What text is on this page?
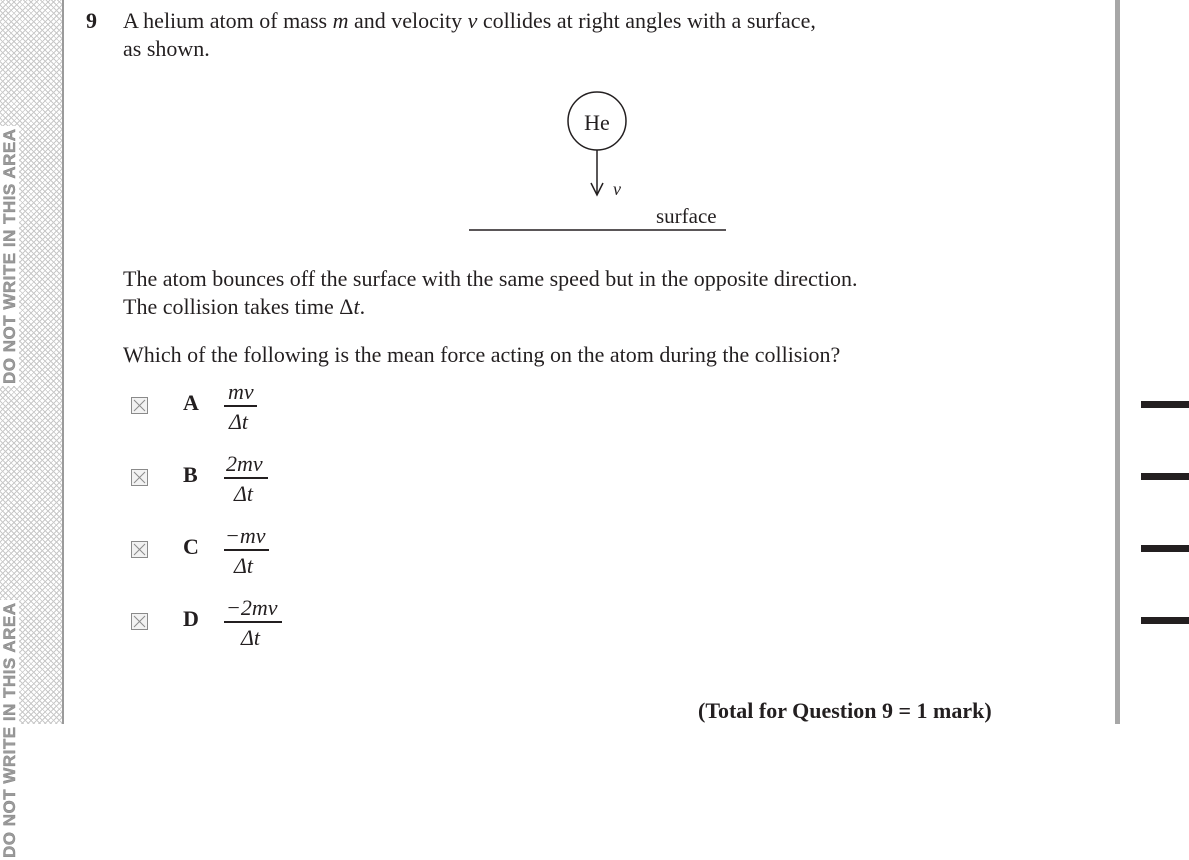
DO NOT WRITE IN THIS AREA
DO NOT WRITE IN THIS AREA
9 A helium atom of mass m and velocity v collides at right angles with a surface,
as shown.
He
v
surface
The atom bounces off the surface with the same speed but in the opposite direction.
The collision takes time Δt.
Which of the following is the mean force acting on the atom during the collision?
A mv
Δt
B 2mv
Δt
C −mv
Δt
D −2mv
Δt
(Total for Question 9 = 1 mark)
